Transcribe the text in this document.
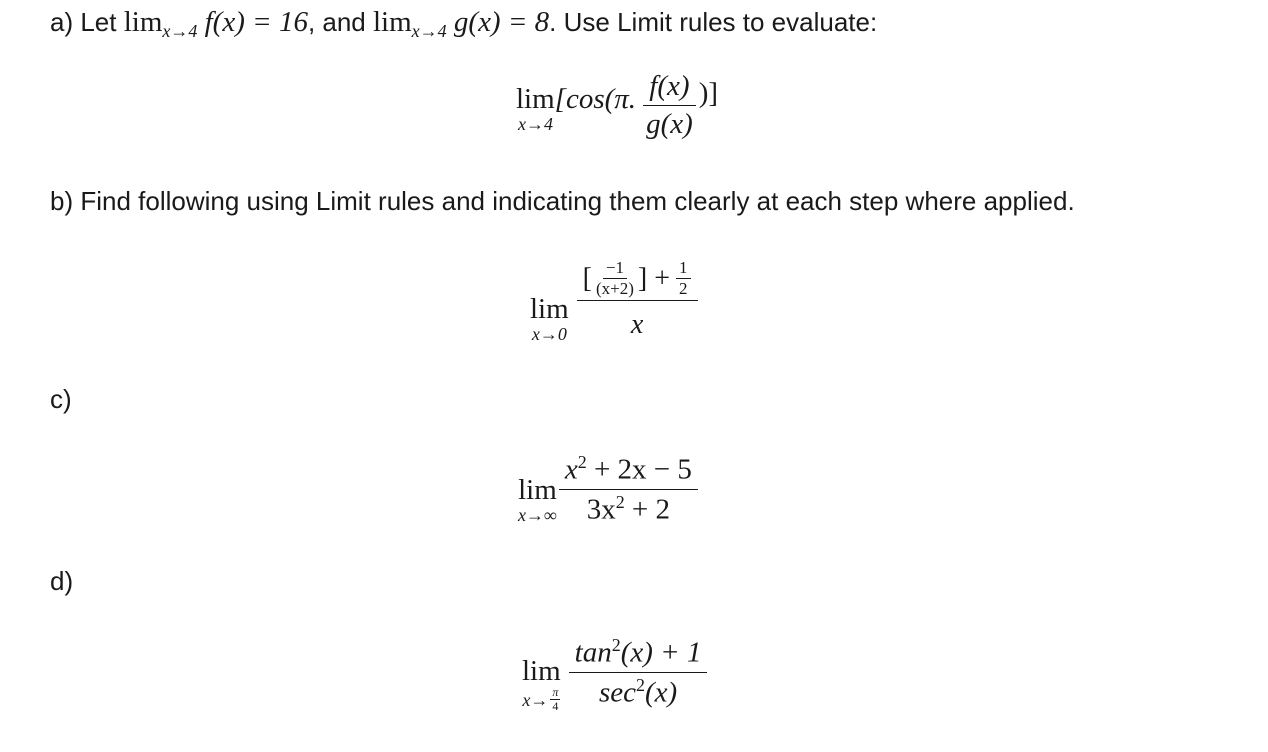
a) Let $\lim_{x\to 4} f(x) = 16$, and $\lim_{x\to 4} g(x) = 8$. Use Limit rules to evaluate:
lim[cos(π.
x→4	$\frac{f(x)}{g(x)}$ )]
b) Find following using Limit rules and indicating them clearly at each step where applied.
lim
x→0
[ $\frac{-1}{(x+2)}$ ] + $\frac{1}{2}$
x
c)
lim
$x\to\infty \frac{x^2 + 2x - 5}{3x^2 + 2}$
d)
lim
$x\to \frac{\pi}{4} \frac{\tan^2(x) + 1}{\sec^2(x)}$
